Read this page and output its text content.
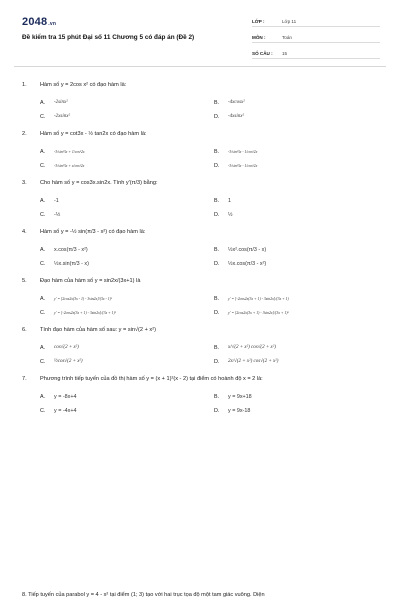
2048.vn
Đề kiểm tra 15 phút Đại số 11 Chương 5 có đáp án (Đề 2)
LỚP :	Lớp 11
MÔN :	Toán
SỐ CÂU :	15
1. Hàm số y = 2cos x² có đạo hàm là:
A.	-2sinx²	B.	-4xcosx²
C.	-2xsinx²	D.	-4xsinx²
2. Hàm số y = cot3x - ½ tan2x có đạo hàm là:
A.	-3/sin²3x + 1/cos²2x	B.	-3/sin²3x - 1/cos²2x
C.	-3/sin²3x + x/cos²2x	D.	-3/sin²3x - 1/cos²2x
3. Cho hàm số y = cos3x.sin2x. Tính y'(π/3) bằng:
A.	-1	B.	1
C.	-½	D.	½
4. Hàm số y = -½ sin(π/3 - x²) có đạo hàm là:
A.	x.cos(π/3 - x²)	B.	½x².cos(π/3 - x)
C.	½x.sin(π/3 - x)	D.	½x.cos(π/3 - x²)
5. Đạo hàm của hàm số y = sin2x/(3x+1) là
A.	y' = [2cos2x(3x - 1) - 3sin2x]/(3x - 1)²	B.	y' = [-2cos2x(3x + 1) - 3sin2x]/(3x + 1)
C.	y' = [-2cos2x(3x + 1) - 3sin2x]/(3x + 1)²	D.	y' = [2cos2x(3x + 1) - 3sin2x]/(3x + 1)²
6. Tính đạo hàm của hàm số sau: y = sin√(2 + x²)
A.	cos√(2 + x²)	B.	x/√(2 + x²) cos√(2 + x²)
C.	½cos√(2 + x²)	D.	2x/√(2 + x²) cos√(2 + x²)
7. Phương trình tiếp tuyến của đồ thị hàm số y = (x + 1)²(x - 2) tại điểm có hoành độ x = 2 là:
A.	y = -8x+4	B.	y = 9x+18
C.	y = -4x+4	D.	y = 9x-18
8. Tiếp tuyến của parabol y = 4 - x² tại điểm (1; 3) tạo với hai trục tọa độ một tam giác vuông. Diện
